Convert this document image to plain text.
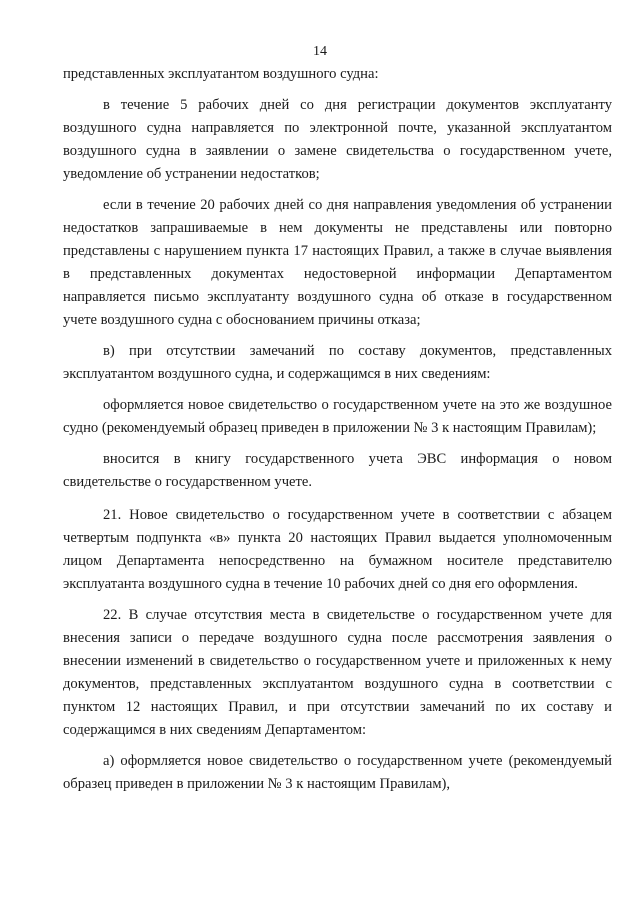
14

представленных эксплуатантом воздушного судна:

в течение 5 рабочих дней со дня регистрации документов эксплуатанту воздушного судна направляется по электронной почте, указанной эксплуатантом воздушного судна в заявлении о замене свидетельства о государственном учете, уведомление об устранении недостатков;

если в течение 20 рабочих дней со дня направления уведомления об устранении недостатков запрашиваемые в нем документы не представлены или повторно представлены с нарушением пункта 17 настоящих Правил, а также в случае выявления в представленных документах недостоверной информации Департаментом направляется письмо эксплуатанту воздушного судна об отказе в государственном учете воздушного судна с обоснованием причины отказа;

в) при отсутствии замечаний по составу документов, представленных эксплуатантом воздушного судна, и содержащимся в них сведениям:

оформляется новое свидетельство о государственном учете на это же воздушное судно (рекомендуемый образец приведен в приложении № 3 к настоящим Правилам);

вносится в книгу государственного учета ЭВС информация о новом свидетельстве о государственном учете.

21. Новое свидетельство о государственном учете в соответствии с абзацем четвертым подпункта «в» пункта 20 настоящих Правил выдается уполномоченным лицом Департамента непосредственно на бумажном носителе представителю эксплуатанта воздушного судна в течение 10 рабочих дней со дня его оформления.

22. В случае отсутствия места в свидетельстве о государственном учете для внесения записи о передаче воздушного судна после рассмотрения заявления о внесении изменений в свидетельство о государственном учете и приложенных к нему документов, представленных эксплуатантом воздушного судна в соответствии с пунктом 12 настоящих Правил, и при отсутствии замечаний по их составу и содержащимся в них сведениям Департаментом:

а) оформляется новое свидетельство о государственном учете (рекомендуемый образец приведен в приложении № 3 к настоящим Правилам),
